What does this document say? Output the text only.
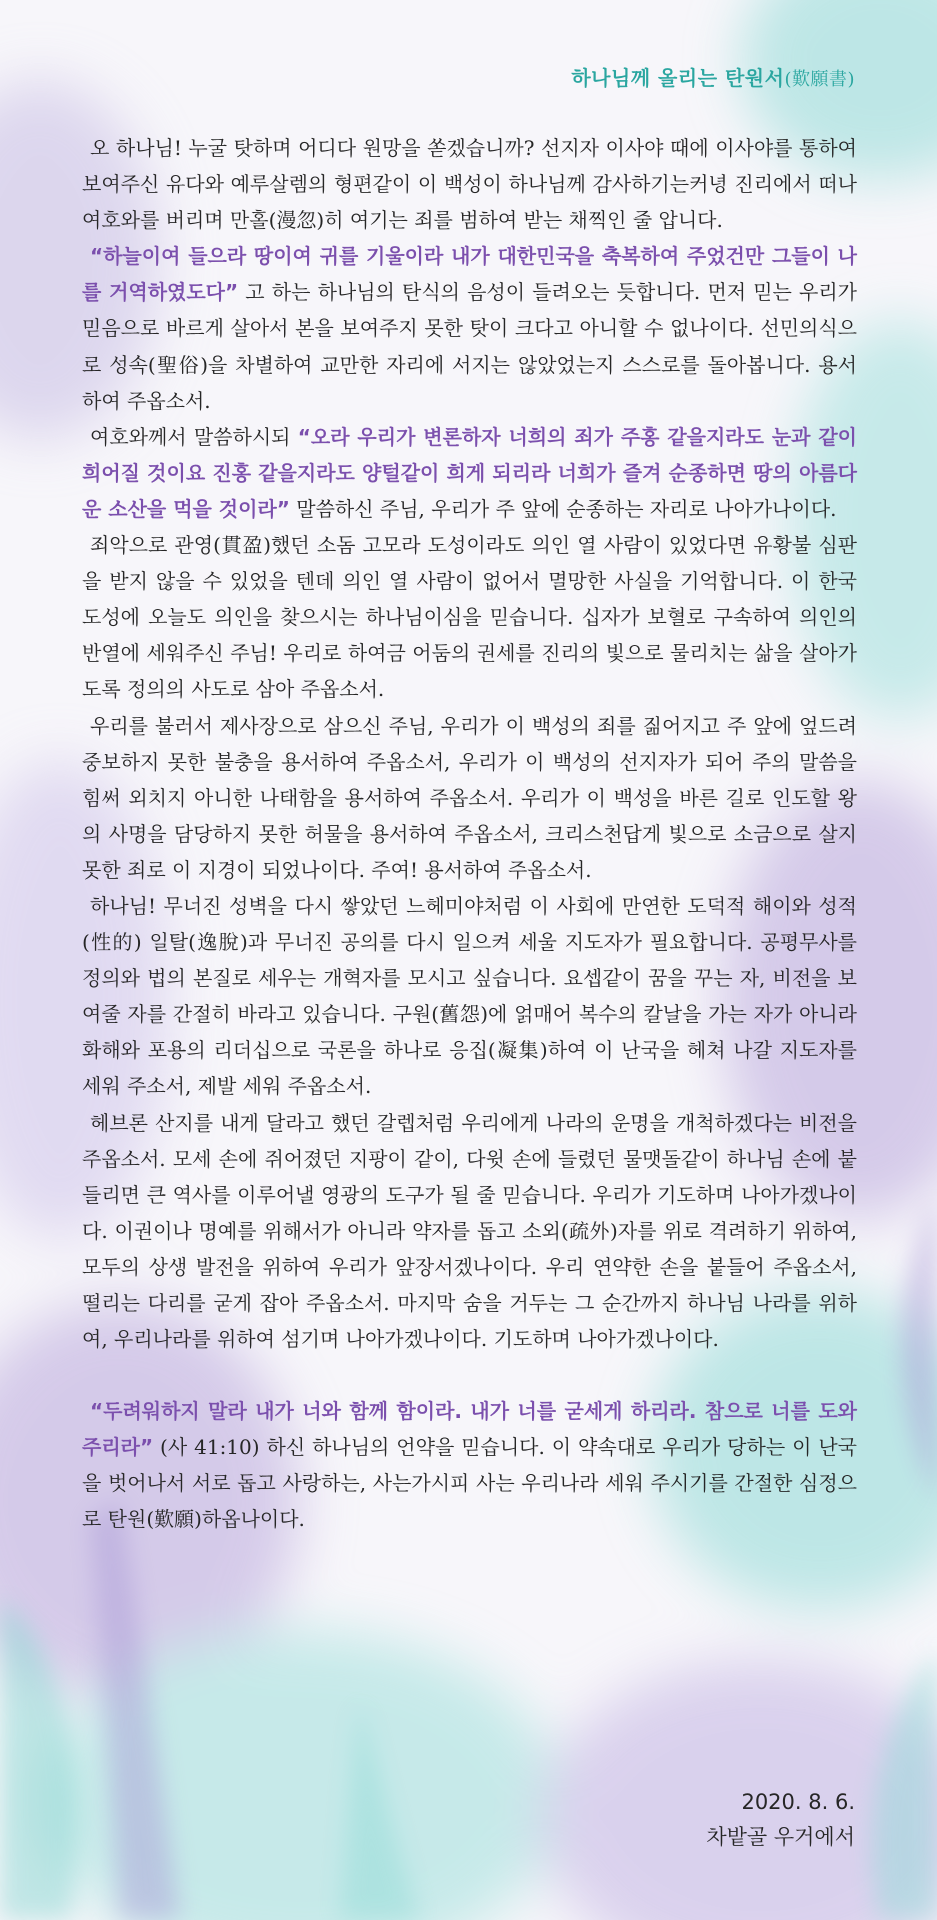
하나님께 올리는 탄원서(歎願書)

오 하나님! 누굴 탓하며 어디다 원망을 쏟겠습니까? 선지자 이사야 때에 이사야를 통하여 보여주신 유다와 예루살렘의 형편같이 이 백성이 하나님께 감사하기는커녕 진리에서 떠나 여호와를 버리며 만홀(漫忽)히 여기는 죄를 범하여 받는 채찍인 줄 압니다.

“하늘이여 들으라 땅이여 귀를 기울이라 내가 대한민국을 축복하여 주었건만 그들이 나를 거역하였도다” 고 하는 하나님의 탄식의 음성이 들려오는 듯합니다. 먼저 믿는 우리가 믿음으로 바르게 살아서 본을 보여주지 못한 탓이 크다고 아니할 수 없나이다. 선민의식으로 성속(聖俗)을 차별하여 교만한 자리에 서지는 않았었는지 스스로를 돌아봅니다. 용서하여 주옵소서.

여호와께서 말씀하시되 “오라 우리가 변론하자 너희의 죄가 주홍 같을지라도 눈과 같이 희어질 것이요 진홍 같을지라도 양털같이 희게 되리라 너희가 즐겨 순종하면 땅의 아름다운 소산을 먹을 것이라” 말씀하신 주님, 우리가 주 앞에 순종하는 자리로 나아가나이다.

죄악으로 관영(貫盈)했던 소돔 고모라 도성이라도 의인 열 사람이 있었다면 유황불 심판을 받지 않을 수 있었을 텐데 의인 열 사람이 없어서 멸망한 사실을 기억합니다. 이 한국 도성에 오늘도 의인을 찾으시는 하나님이심을 믿습니다. 십자가 보혈로 구속하여 의인의 반열에 세워주신 주님! 우리로 하여금 어둠의 권세를 진리의 빛으로 물리치는 삶을 살아가도록 정의의 사도로 삼아 주옵소서.

우리를 불러서 제사장으로 삼으신 주님, 우리가 이 백성의 죄를 짊어지고 주 앞에 엎드려 중보하지 못한 불충을 용서하여 주옵소서, 우리가 이 백성의 선지자가 되어 주의 말씀을 힘써 외치지 아니한 나태함을 용서하여 주옵소서. 우리가 이 백성을 바른 길로 인도할 왕의 사명을 담당하지 못한 허물을 용서하여 주옵소서, 크리스천답게 빛으로 소금으로 살지 못한 죄로 이 지경이 되었나이다. 주여! 용서하여 주옵소서.

하나님! 무너진 성벽을 다시 쌓았던 느헤미야처럼 이 사회에 만연한 도덕적 해이와 성적(性的) 일탈(逸脫)과 무너진 공의를 다시 일으켜 세울 지도자가 필요합니다. 공평무사를 정의와 법의 본질로 세우는 개혁자를 모시고 싶습니다. 요셉같이 꿈을 꾸는 자, 비전을 보여줄 자를 간절히 바라고 있습니다. 구원(舊怨)에 얽매어 복수의 칼날을 가는 자가 아니라 화해와 포용의 리더십으로 국론을 하나로 응집(凝集)하여 이 난국을 헤쳐 나갈 지도자를 세워 주소서, 제발 세워 주옵소서.

헤브론 산지를 내게 달라고 했던 갈렙처럼 우리에게 나라의 운명을 개척하겠다는 비전을 주옵소서. 모세 손에 쥐어졌던 지팡이 같이, 다윗 손에 들렸던 물맷돌같이 하나님 손에 붙들리면 큰 역사를 이루어낼 영광의 도구가 될 줄 믿습니다. 우리가 기도하며 나아가겠나이다. 이권이나 명예를 위해서가 아니라 약자를 돕고 소외(疏外)자를 위로 격려하기 위하여, 모두의 상생 발전을 위하여 우리가 앞장서겠나이다. 우리 연약한 손을 붙들어 주옵소서, 떨리는 다리를 굳게 잡아 주옵소서. 마지막 숨을 거두는 그 순간까지 하나님 나라를 위하여, 우리나라를 위하여 섬기며 나아가겠나이다. 기도하며 나아가겠나이다.

“두려워하지 말라 내가 너와 함께 함이라. 내가 너를 굳세게 하리라. 참으로 너를 도와주리라” (사 41:10) 하신 하나님의 언약을 믿습니다. 이 약속대로 우리가 당하는 이 난국을 벗어나서 서로 돕고 사랑하는, 사는가시피 사는 우리나라 세워 주시기를 간절한 심정으로 탄원(歎願)하옵나이다.

2020. 8. 6.
차밭골 우거에서
